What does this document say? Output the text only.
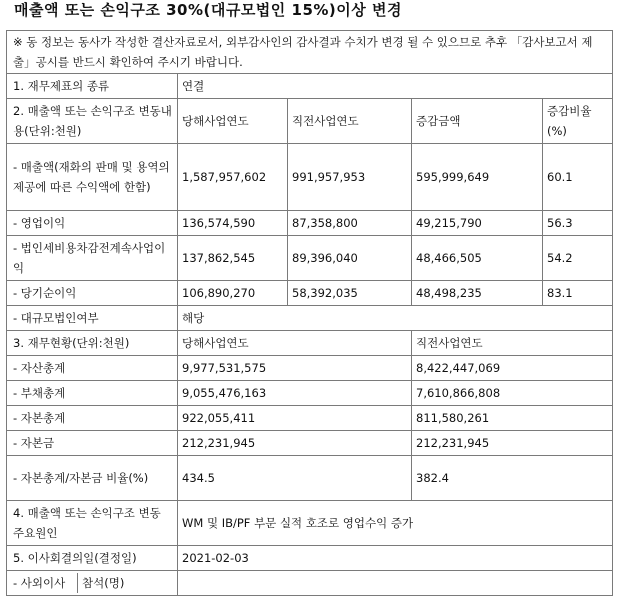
매출액 또는 손익구조 30%(대규모법인 15%)이상 변경
※ 동 정보는 동사가 작성한 결산자료로서, 외부감사인의 감사결과 수치가 변경 될 수 있으므로 추후 「감사보고서 제출」공시를 반드시 확인하여 주시기 바랍니다.				
1. 재무제표의 종류	연결			
2. 매출액 또는 손익구조 변동내용(단위:천원)	당해사업연도	직전사업연도	증감금액	증감비율(%)
- 매출액(재화의 판매 및 용역의 제공에 따른 수익액에 한함)	1,587,957,602	991,957,953	595,999,649	60.1
- 영업이익	136,574,590	87,358,800	49,215,790	56.3
- 법인세비용차감전계속사업이익	137,862,545	89,396,040	48,466,505	54.2
- 당기순이익	106,890,270	58,392,035	48,498,235	83.1
- 대규모법인여부	해당			
3. 재무현황(단위:천원)	당해사업연도		직전사업연도	
- 자산총계	9,977,531,575		8,422,447,069	
- 부채총계	9,055,476,163		7,610,866,808	
- 자본총계	922,055,411		811,580,261	
- 자본금	212,231,945		212,231,945	
- 자본총계/자본금 비율(%)	434.5		382.4	
4. 매출액 또는 손익구조 변동 주요원인	WM 및 IB/PF 부문 실적 호조로 영업수익 증가			
5. 이사회결의일(결정일)	2021-02-03			
- 사외이사 참석(명)				
